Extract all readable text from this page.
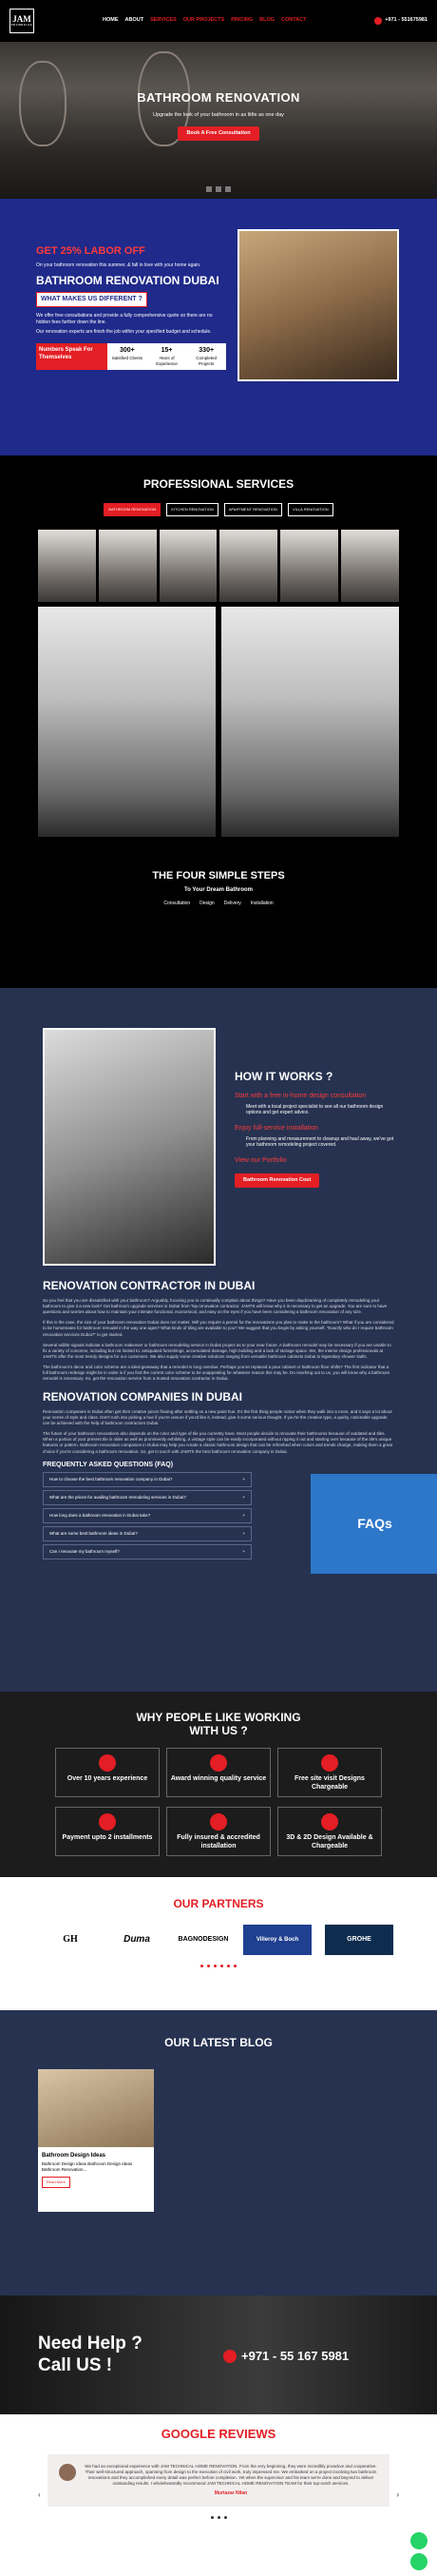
JAM
TECHNICAL
HOME ABOUT SERVICES OUR PROJECTS PRICING BLOG CONTACT	+971 - 551675981
BATHROOM RENOVATION

Upgrade the look of your bathroom in as little as one day

Book A Free Consultation
GET 25% LABOR OFF

On your bathroom renovation this summer. & fall in love with your home again.

BATHROOM RENOVATION DUBAI
WHAT MAKES US DIFFERENT ?

We offer free consultations and provide a fully comprehensive quote so there are no hidden fees further down the line.

Our renovation experts are finish the job within your specified budget and schedule.

Numbers Speak For Themselves
300+
Satisfied Clients
15+
Years of Experience
330+
Completed Projects
PROFESSIONAL SERVICES
BATHROOM RENOVATION	KITCHEN RENOVATION	APARTMENT RENOVATION	VILLA RENOVATION
THE FOUR SIMPLE STEPS
To Your Dream Bathroom
Consultation Design Delivery Installation
HOW IT WORKS ?
Start with a free in-home design consultation
Meet with a local project specialist to see all our bathroom design options and get expert advice.
Enjoy full-service installation
From planning and measurement to cleanup and haul away, we've got your bathroom remodeling project covered.
View our Portfolio
Bathroom Renovation Cost
RENOVATION CONTRACTOR IN DUBAI

So you feel that you are dissatisfied with your bathroom? Arguably, focusing you to continually complain about things? Have you been daydreaming of completely remodeling your bathroom to give it a new look? Get bathroom upgrade services in Dubai from Top renovation contractor. JAMTS will know why it is necessary to get an upgrade. You are sure to have questions and worries about how to maintain your intimate functional, economical, and easy on the eyes if you have been considering a bathroom renovation of any size.

If this is the case, the size of your bathroom renovation Dubai does not matter. Will you require a permit for the renovations you plan to make to the bathroom? What if you are considered to be homemates for bathroom remodel in the way one ages? What kinds of tiling are available to you? We suggest that you begin by asking yourself, "Exactly who do I require bathroom renovation services Dubai?" to get started.

Several edible signals indicate a bathroom makeover or bathroom remodeling service in Dubai project as to your near future. A bathroom remodel may be necessary if you are unable to fix a variety of concerns, including but not limited to: antiquated furnishings, accumulated damage, high building and a lack of storage space. We, the interior design professionals at JAMTS offer the most trendy designs for our customers. We also supply some creative solutions ranging from versatile bathroom cabinets Dubai to legendary shower stalls.

The bathroom's decor and color scheme are a ideal giveaway that a remodel is long overdue. Perhaps you've replaced a pour cabinet or bathroom floor shifts? The first indicator that a full bathroom redesign might be in order is if you find the current color scheme to be unappealing for whatever reason this may be. Do reaching out to us, you will know why a bathroom remodel is necessary. So, get the renovation service from a trusted renovation contractor in Dubai.

RENOVATION COMPANIES IN DUBAI

Renovation companies in Dubai often get their creative juices flowing after settling on a new paint hue. It's the first thing people notice when they walk into a room, and it says a lot about your sense of style and class. Don't rush into picking a hue if you're unsure if you'd like it, instead, give it some serious thought. If you're the creative type, a quirky, noticeable upgrade can be achieved with the help of bathroom contractors Dubai.

The future of your bathroom renovations also depends on the color and type of tile you currently have. Most people decide to renovate their bathrooms because of outdated and tiles. When a portion of your present tile is older as well as prominently exhibiting, a vintage style can be easily incorporated without ripping it out and starting over because of the tile's unique features or pattern. Bathroom renovation companies in Dubai may help you create a classic bathroom design that can be refreshed when colors and trends change, making them a great choice if you're considering a bathroom renovation. So, get in touch with JAMTS the best bathroom renovation company in Dubai.

FREQUENTLY ASKED QUESTIONS (FAQ)
How to choose the best bathroom renovation company in Dubai?	+
What are the prices for availing bathroom remodeling services in Dubai?	+
How long does a bathroom renovation in Dubai take?	+
What are some best bathroom ideas in Dubai?	+
Can I renovate my bathroom myself?	+
FAQs
WHY PEOPLE LIKE WORKING WITH US ?
Over 10 years experience	Award winning quality service	Free site visit Designs Chargeable
Payment upto 2 installments	Fully insured & accredited installation
3D & 2D Design Available & Chargeable
OUR PARTNERS
GH	Duma	BAGNODESIGN	Villeroy & Boch	GROHE
OUR LATEST BLOG
Bathroom Design Ideas

Bathroom Design Ideas Bathroom Design Ideas Bathroom Renovation...

Read More
Need Help ? Call US !	+971 - 55 167 5981
GOOGLE REVIEWS
‹	›

We had an exceptional experience with JAM TECHNICAL HOME RENOVATION. From the very beginning, they were incredibly proactive and cooperative. Their well-structured approach, spanning from design to the execution of civil work, truly impressed me. We embarked on a project involving two bathroom renovations and they accomplished every detail was perfect before completion. Yet when the supervisor and his team we're done and beyond to deliver outstanding results. I wholeheartedly recommend JAM TECHNICAL HOME RENOVATION TEAM for their top-notch services.

Murtazar Nilan
